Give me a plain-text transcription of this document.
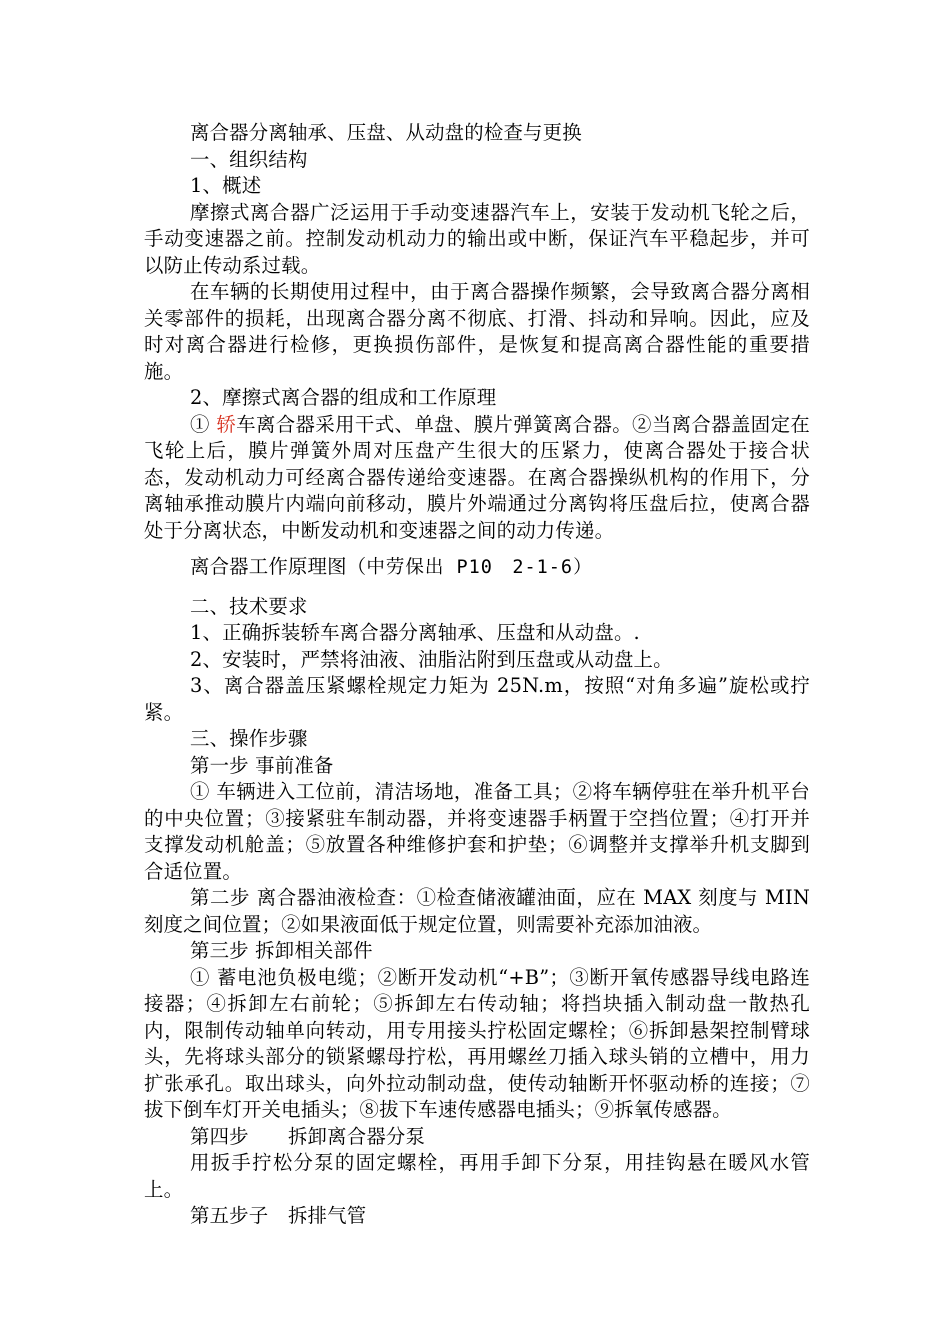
离合器分离轴承、压盘、从动盘的检查与更换

一、组织结构

1、概述

摩擦式离合器广泛运用于手动变速器汽车上，安装于发动机飞轮之后，手动变速器之前。控制发动机动力的输出或中断，保证汽车平稳起步，并可以防止传动系过载。

在车辆的长期使用过程中，由于离合器操作频繁，会导致离合器分离相关零部件的损耗，出现离合器分离不彻底、打滑、抖动和异响。因此，应及时对离合器进行检修，更换损伤部件，是恢复和提高离合器性能的重要措施。

2、摩擦式离合器的组成和工作原理

① 轿车离合器采用干式、单盘、膜片弹簧离合器。②当离合器盖固定在飞轮上后，膜片弹簧外周对压盘产生很大的压紧力，使离合器处于接合状态，发动机动力可经离合器传递给变速器。在离合器操纵机构的作用下，分离轴承推动膜片内端向前移动，膜片外端通过分离钩将压盘后拉，使离合器处于分离状态，中断发动机和变速器之间的动力传递。

离合器工作原理图（中劳保出 P10　2-1-6）

二、技术要求

1、正确拆装轿车离合器分离轴承、压盘和从动盘。.

2、安装时，严禁将油液、油脂沾附到压盘或从动盘上。

3、离合器盖压紧螺栓规定力矩为 25N.m，按照“对角多遍”旋松或拧紧。

三、操作步骤

第一步 事前准备

① 车辆进入工位前，清洁场地，准备工具；②将车辆停驻在举升机平台的中央位置；③接紧驻车制动器，并将变速器手柄置于空挡位置；④打开并支撑发动机舱盖；⑤放置各种维修护套和护垫；⑥调整并支撑举升机支脚到合适位置。

第二步 离合器油液检查：①检查储液罐油面，应在 MAX 刻度与 MIN 刻度之间位置；②如果液面低于规定位置，则需要补充添加油液。

第三步 拆卸相关部件

① 蓄电池负极电缆；②断开发动机“+B”；③断开氧传感器导线电路连接器；④拆卸左右前轮；⑤拆卸左右传动轴；将挡块插入制动盘一散热孔内，限制传动轴单向转动，用专用接头拧松固定螺栓；⑥拆卸悬架控制臂球头，先将球头部分的锁紧螺母拧松，再用螺丝刀插入球头销的立槽中，用力扩张承孔。取出球头，向外拉动制动盘，使传动轴断开怀驱动桥的连接；⑦拔下倒车灯开关电插头；⑧拔下车速传感器电插头；⑨拆氧传感器。

第四步　　拆卸离合器分泵

用扳手拧松分泵的固定螺栓，再用手卸下分泵，用挂钩悬在暖风水管上。

第五步子　拆排气管
